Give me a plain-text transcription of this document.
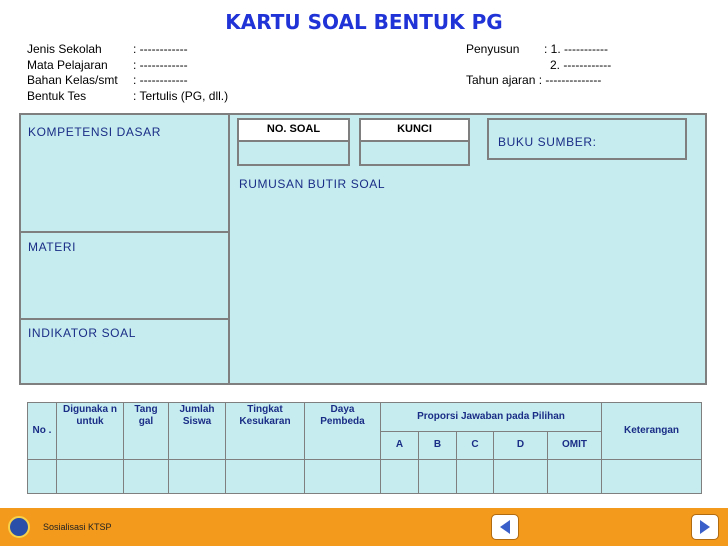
KARTU SOAL BENTUK PG
Jenis Sekolah	: ------------
Mata Pelajaran	: ------------
Bahan Kelas/smt	: ------------
Bentuk Tes	: Tertulis (PG, dll.)
Penyusun	: 1. -----------
2. ------------
Tahun ajaran : --------------
KOMPETENSI DASAR
MATERI
INDIKATOR SOAL
NO. SOAL	KUNCI
BUKU SUMBER:
RUMUSAN BUTIR SOAL
No .	Digunaka n untuk	Tang gal	Jumlah Siswa	Tingkat Kesukaran	Daya Pembeda	Proporsi Jawaban pada Pilihan					Keterangan
						A	B	C	D	OMIT	

Sosialisasi KTSP
